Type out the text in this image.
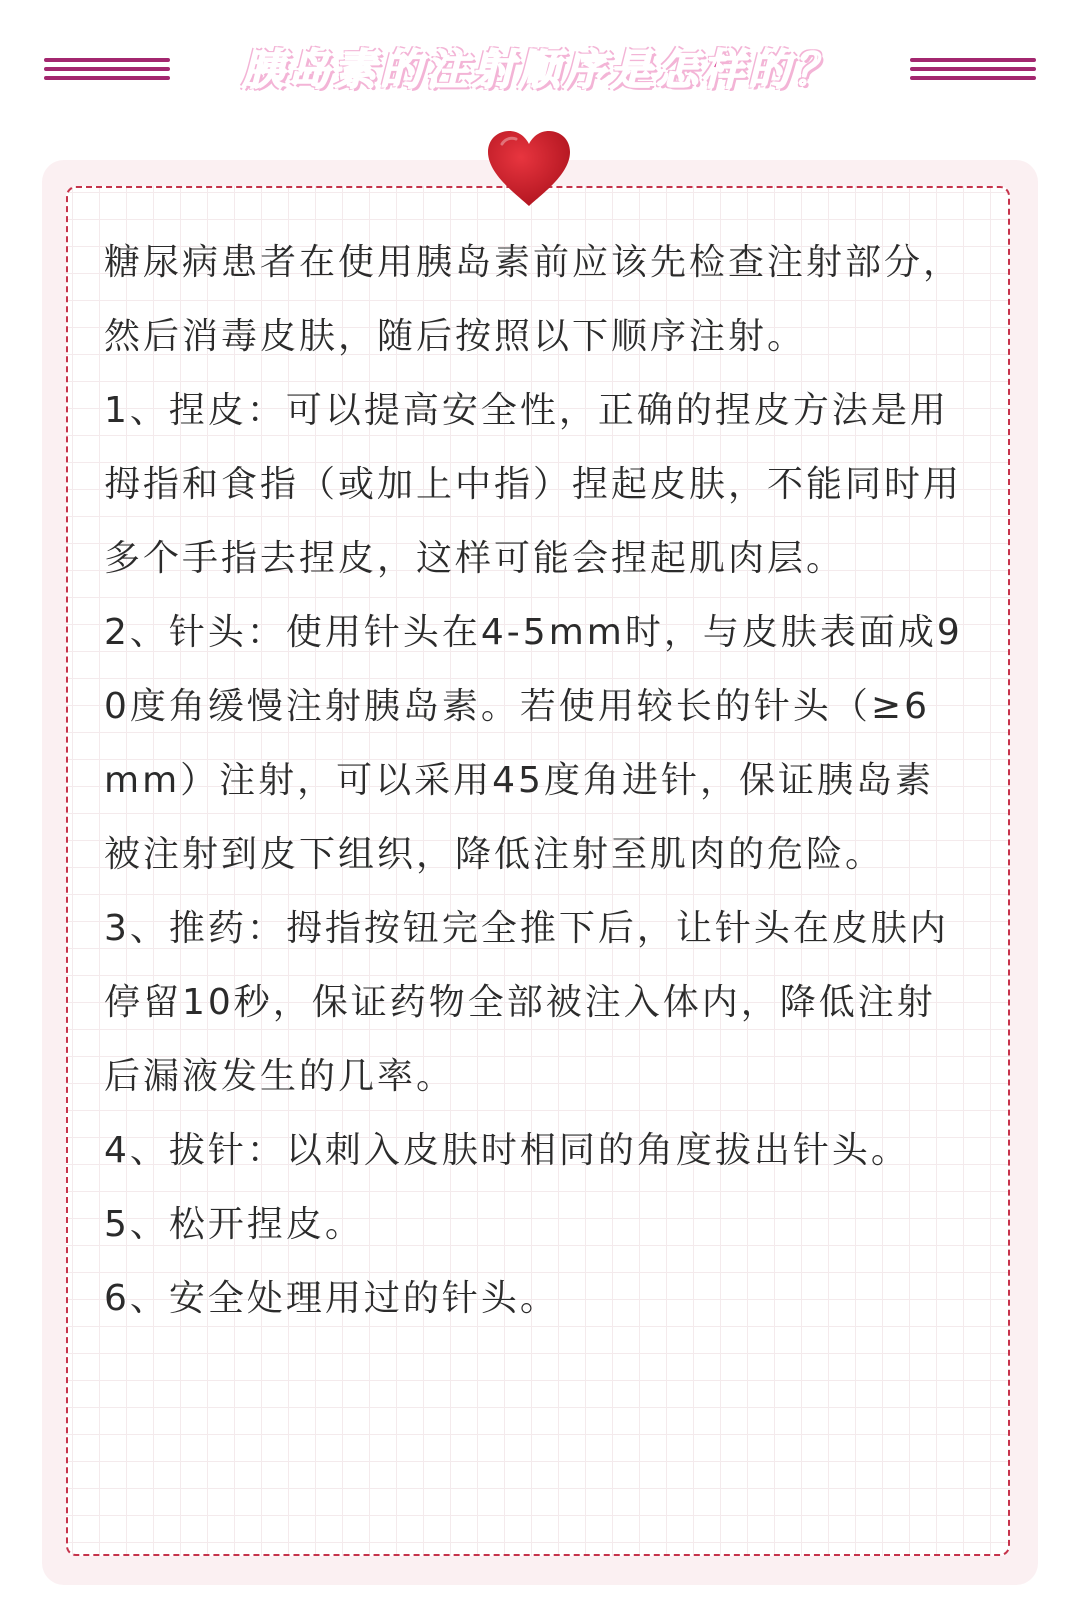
胰岛素的注射顺序是怎样的？

糖尿病患者在使用胰岛素前应该先检查注射部分，然后消毒皮肤，随后按照以下顺序注射。

1、捏皮：可以提高安全性，正确的捏皮方法是用拇指和食指（或加上中指）捏起皮肤，不能同时用多个手指去捏皮，这样可能会捏起肌肉层。

2、针头：使用针头在4-5mm时，与皮肤表面成90度角缓慢注射胰岛素。若使用较长的针头（≥6mm）注射，可以采用45度角进针，保证胰岛素被注射到皮下组织，降低注射至肌肉的危险。

3、推药：拇指按钮完全推下后，让针头在皮肤内停留10秒，保证药物全部被注入体内，降低注射后漏液发生的几率。

4、拔针：以刺入皮肤时相同的角度拔出针头。

5、松开捏皮。

6、安全处理用过的针头。
